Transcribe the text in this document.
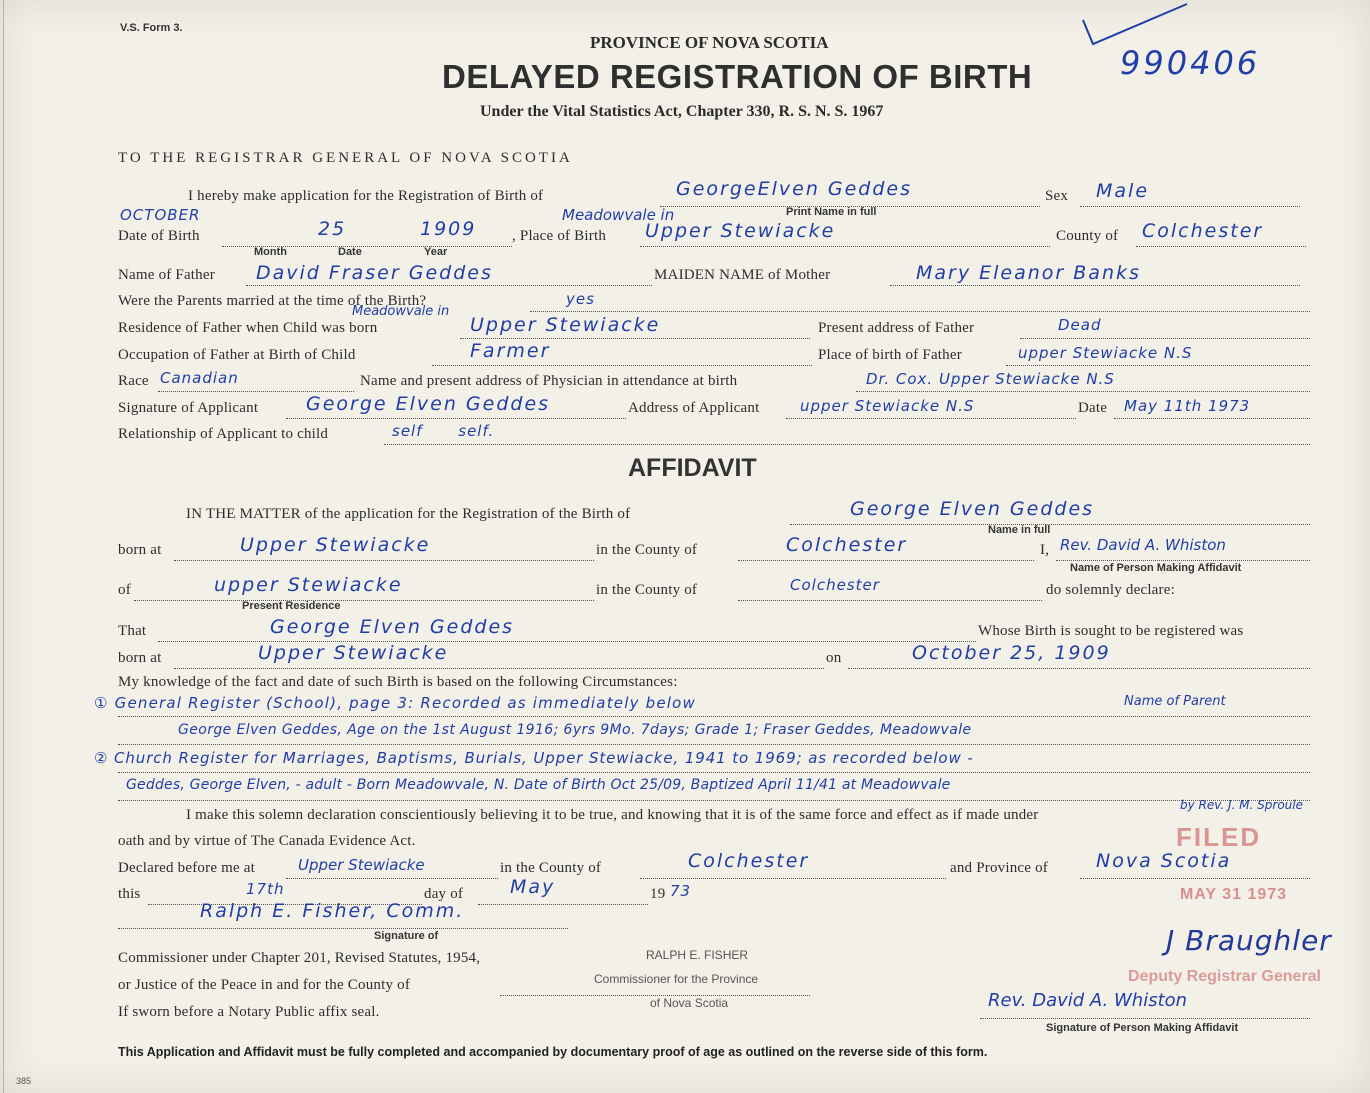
V.S. Form 3.
PROVINCE OF NOVA SCOTIA
DELAYED REGISTRATION OF BIRTH
Under the Vital Statistics Act, Chapter 330, R. S. N. S. 1967
990406
TO THE REGISTRAR GENERAL OF NOVA SCOTIA
I hereby make application for the Registration of Birth of	GeorgeElven Geddes
Print Name in full
Sex Male
OCTOBER
Date of Birth	25	1909
Month	Date	Year
, Place of Birth
Meadowvale in
Upper Stewiacke	County of Colchester
Name of Father David Fraser Geddes	MAIDEN NAME of Mother	Mary Eleanor Banks
Were the Parents married at the time of the Birth?	yes
Residence of Father when Child was born
Meadowvale in
Upper Stewiacke	Present address of Father	Dead
Occupation of Father at Birth of Child	Farmer	Place of birth of Father	upper Stewiacke N.S
Race Canadian	Name and present address of Physician in attendance at birth	Dr. Cox. Upper Stewiacke N.S
Signature of Applicant	George Elven Geddes	Address of Applicant	upper Stewiacke N.S	Date May 11th 1973
Relationship of Applicant to child	self self.
AFFIDAVIT
IN THE MATTER of the application for the Registration of the Birth of	George Elven Geddes
Name in full
born at	Upper Stewiacke	in the County of	Colchester	I, Rev. David A. Whiston
Name of Person Making Affidavit
of	upper Stewiacke
Present Residence
in the County of	Colchester	do solemnly declare:
That	George Elven Geddes	Whose Birth is sought to be registered was
born at	Upper Stewiacke	on	October 25, 1909
My knowledge of the fact and date of such Birth is based on the following Circumstances:
① General Register (School), page 3: Recorded as immediately below	Name of Parent
George Elven Geddes, Age on the 1st August 1916; 6yrs 9Mo. 7days; Grade 1; Fraser Geddes, Meadowvale
② Church Register for Marriages, Baptisms, Burials, Upper Stewiacke, 1941 to 1969; as recorded below -
Geddes, George Elven, - adult - Born Meadowvale, N. Date of Birth Oct 25/09, Baptized April 11/41 at Meadowvale
by Rev. J. M. Sproule
I make this solemn declaration conscientiously believing it to be true, and knowing that it is of the same force and effect as if made under
oath and by virtue of The Canada Evidence Act.
Declared before me at	Upper Stewiacke	in the County of	Colchester	and Province of	Nova Scotia
this	17th	day of May	19 73
Ralph E. Fisher, Comm.
Signature of
Commissioner under Chapter 201, Revised Statutes, 1954,
or Justice of the Peace in and for the County of
If sworn before a Notary Public affix seal.
RALPH E. FISHER
Commissioner for the Province
of Nova Scotia
FILED
MAY 31 1973
J Braughler
Deputy Registrar General
Rev. David A. Whiston
Signature of Person Making Affidavit
This Application and Affidavit must be fully completed and accompanied by documentary proof of age as outlined on the reverse side of this form.
385
